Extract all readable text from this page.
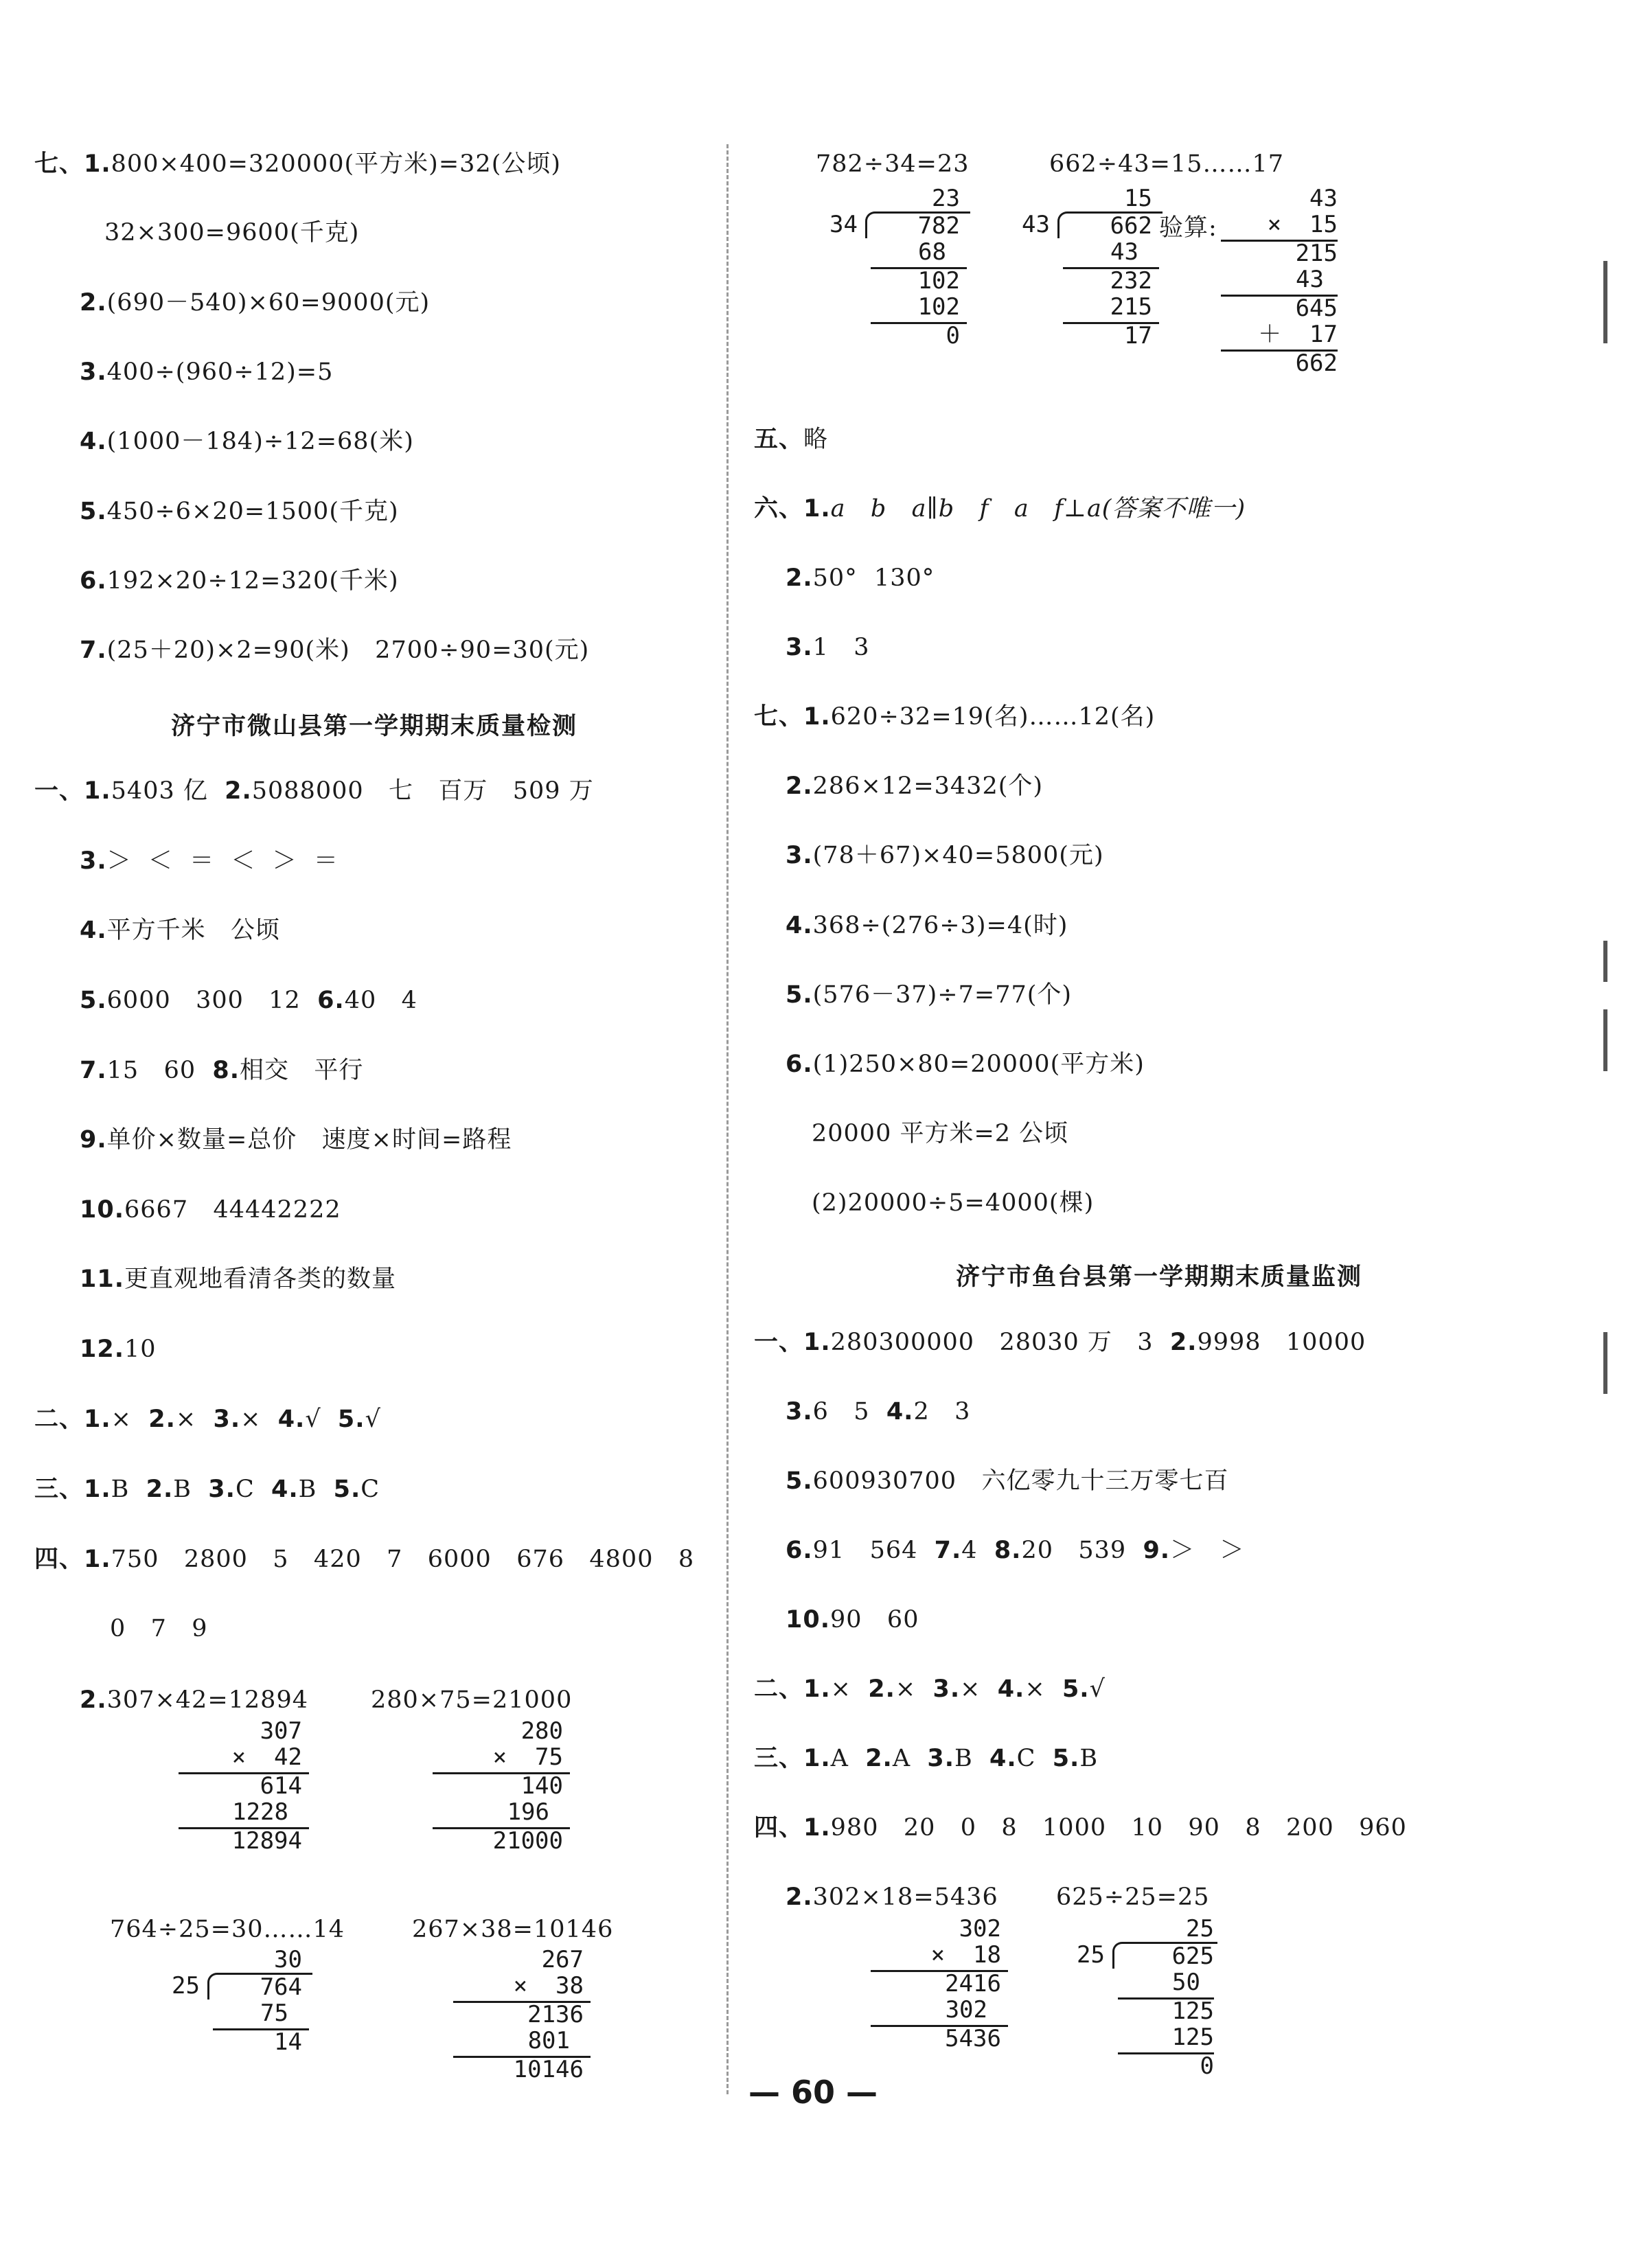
七、1.800×400=320000(平方米)=32(公顷)
32×300=9600(千克)
2.(690－540)×60=9000(元)
3.400÷(960÷12)=5
4.(1000－184)÷12=68(米)
5.450÷6×20=1500(千克)
6.192×20÷12=320(千米)
7.(25＋20)×2=90(米)   2700÷90=30(元)
济宁市微山县第一学期期末质量检测
一、1.5403 亿  2.5088000   七   百万   509 万
3.＞  ＜  ＝  ＜  ＞  ＝
4.平方千米   公顷
5.6000   300   12  6.40   4
7.15   60  8.相交   平行
9.单价×数量=总价   速度×时间=路程
10.6667   44442222
11.更直观地看清各类的数量
12.10
二、1.×  2.×  3.×  4.√  5.√
三、1.B  2.B  3.C  4.B  5.C
四、1.750   2800   5   420   7   6000   676   4800   8
0   7   9
2.307×42=12894	280×75=21000
307
×  42
614
1228
12894
280
×  75
140
196
21000
764÷25=30……14	267×38=10146
30
25	764
75
14
267
×  38
2136
801
10146
782÷34=23	662÷43=15……17
23
34	782
68
102
102
0
15
43	662
43
232
215
17
验算:
43
×  15
215
43
645
＋  17
662
五、略
六、1.a   b   a∥b   f   a   f⊥a(答案不唯一)
2.50°  130°
3.1   3
七、1.620÷32=19(名)……12(名)
2.286×12=3432(个)
3.(78＋67)×40=5800(元)
4.368÷(276÷3)=4(时)
5.(576－37)÷7=77(个)
6.(1)250×80=20000(平方米)
20000 平方米=2 公顷
(2)20000÷5=4000(棵)
济宁市鱼台县第一学期期末质量监测
一、1.280300000   28030 万   3  2.9998   10000
3.6   5  4.2   3
5.600930700   六亿零九十三万零七百
6.91   564  7.4  8.20   539  9.＞   ＞
10.90   60
二、1.×  2.×  3.×  4.×  5.√
三、1.A  2.A  3.B  4.C  5.B
四、1.980   20   0   8   1000   10   90   8   200   960
2.302×18=5436 625÷25=25
302
×  18
2416
302
5436
25
25	625
50
125
125
0
— 60 —
